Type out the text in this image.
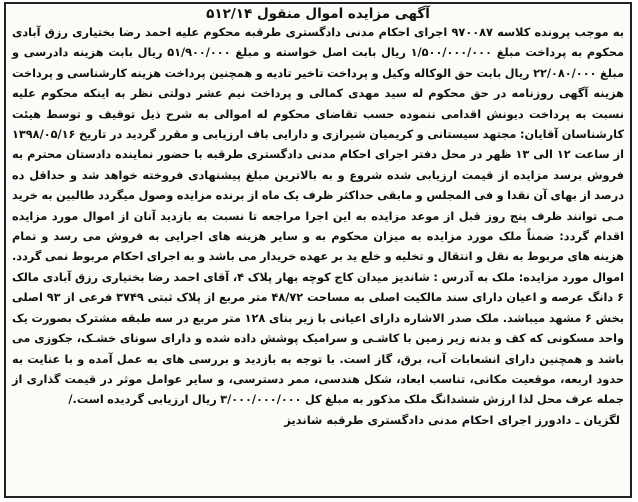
آگهی مزایده اموال منقول ۵۱۲/۱۴

به موجب پرونده کلاسه ۹۷۰۰۸۷ اجرای احکام مدنی دادگستری طرقبه محکوم علیه احمد رضا بختیاری رزق آبادی محکوم به پرداخت مبلغ ۱/۵۰۰/۰۰۰/۰۰۰ ریال بابت اصل خواسته و مبلغ ۵۱/۹۰۰/۰۰۰ ریال بابت هزینه دادرسی و مبلغ ۲۲/۰۸۰/۰۰۰ ریال بابت حق الوکاله وکیل و پرداخت تاخیر تادیه و همچنین پرداخت هزینه کارشناسی و پرداخت هزینه آگهی روزنامه در حق محکوم له سید مهدی کمالی و پرداخت نیم عشر دولتی نظر به اینکه محکوم علیه نسبت به پرداخت دیونش اقدامی ننموده حسب تقاضای محکوم له اموالی به شرح ذیل توقیف و توسط هیئت کارشناسان آقایان: مجتهد سیستانی و کریمیان شیرازی و دارایی باف ارزیابی و مقرر گردید در تاریخ ۱۳۹۸/۰۵/۱۶ از ساعت ۱۲ الی ۱۳ ظهر در محل دفتر اجرای احکام مدنی دادگستری طرقبه با حضور نماینده دادستان محترم به فروش برسد مزایده از قیمت ارزیابی شده شروع و به بالاترین مبلغ پیشنهادی فروخته خواهد شد و حداقل ده درصد از بهای آن نقدا و فی المجلس و مابقی حداکثر ظرف یک ماه از برنده مزایده وصول میگردد طالبین به خرید مـی توانند ظرف پنج روز قبل از موعد مزایده به این اجرا مراجعه تا نسبت به بازدید آنان از اموال مورد مزایده اقدام گردد: ضمناً ملک مورد مزایده به میزان محکوم به و سایر هزینه های اجرایی به فروش می رسد و تمام هزینه های مربوط به نقل و انتقال و تخلیه و خلع ید بر عهده خریدار می باشد و به اجرای احکام مربوط نمی گردد. اموال مورد مزایده: ملک به آدرس : شاندیز میدان کاج کوچه بهار پلاک ۴، آقای احمد رضا بختیاری رزق آبادی مالک ۶ دانگ عرصه و اعیان دارای سند مالکیت اصلی به مساحت ۴۸/۷۲ متر مربع از پلاک ثبتی ۳۷۴۹ فرعی از ۹۳ اصلی بخش ۶ مشهد میباشد. ملک صدر الاشاره دارای اعیانی با زیر بنای ۱۲۸ متر مربع در سه طبقه مشترک بصورت یک واحد مسکونی که کف و بدنه زیر زمین با کاشـی و سرامیک پوشش داده شده و دارای سونای خشـک، جکوزی می باشد و همچنین دارای انشعابات آب، برق، گاز است. با توجه به بازدید و بررسی های به عمل آمده و با عنایت به حدود اربعه، موقعیت مکانی، تناسب ابعاد، شکل هندسی، ممر دسترسی، و سایر عوامل موثر در قیمت گذاری از جمله عرف محل لذا ارزش ششدانگ ملک مذکور به مبلغ کل ۳/۰۰۰/۰۰۰/۰۰۰ ریال ارزیابی گردیده است./

لگزیان ـ دادورز اجرای احکام مدنی دادگستری طرقبه شاندیز
